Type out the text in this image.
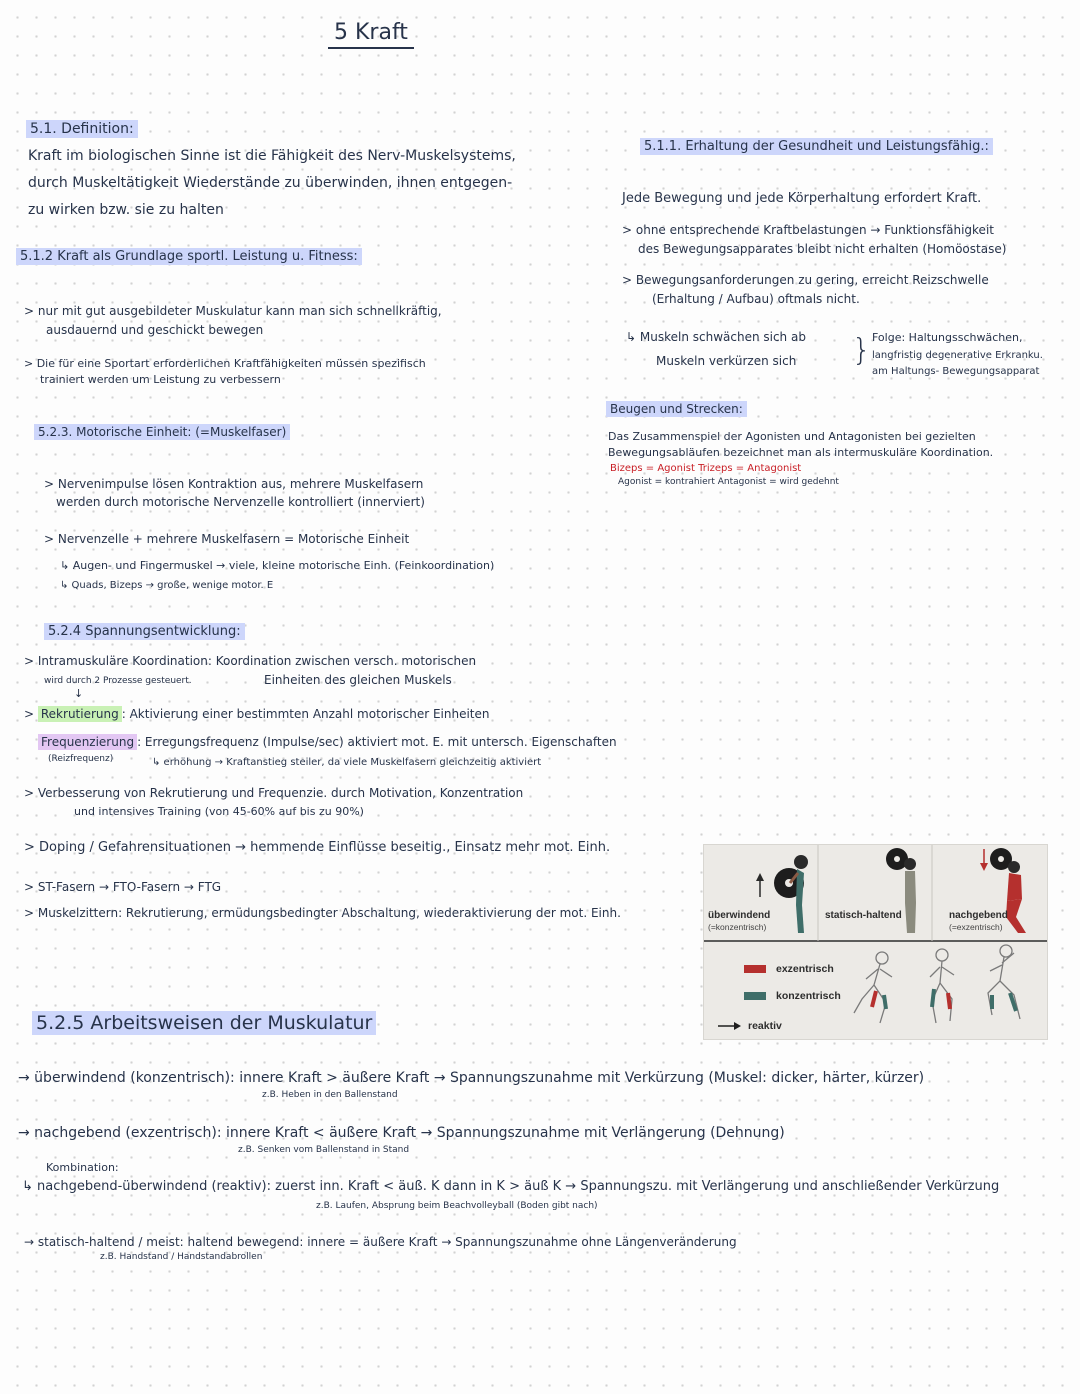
5 Kraft
5.1. Definition:
Kraft im biologischen Sinne ist die Fähigkeit des Nerv-Muskelsystems,
durch Muskeltätigkeit Wiederstände zu überwinden, ihnen entgegen-
zu wirken bzw. sie zu halten
5.1.1. Erhaltung der Gesundheit und Leistungsfähig.:
Jede Bewegung und jede Körperhaltung erfordert Kraft.
> ohne entsprechende Kraftbelastungen → Funktionsfähigkeit
des Bewegungsapparates bleibt nicht erhalten (Homöostase)
> Bewegungsanforderungen zu gering, erreicht Reizschwelle
(Erhaltung / Aufbau) oftmals nicht.
↳ Muskeln schwächen sich ab
Muskeln verkürzen sich } Folge: Haltungsschwächen,
langfristig degenerative Erkranku.
am Haltungs- Bewegungsapparat
Beugen und Strecken:
Das Zusammenspiel der Agonisten und Antagonisten bei gezielten
Bewegungsabläufen bezeichnet man als intermuskuläre Koordination.
Bizeps = Agonist Trizeps = Antagonist
Agonist = kontrahiert Antagonist = wird gedehnt
5.1.2 Kraft als Grundlage sportl. Leistung u. Fitness:
> nur mit gut ausgebildeter Muskulatur kann man sich schnellkräftig,
ausdauernd und geschickt bewegen
> Die für eine Sportart erforderlichen Kraftfähigkeiten müssen spezifisch
trainiert werden um Leistung zu verbessern
5.2.3. Motorische Einheit: (=Muskelfaser)
> Nervenimpulse lösen Kontraktion aus, mehrere Muskelfasern
werden durch motorische Nervenzelle kontrolliert (innerviert)
> Nervenzelle + mehrere Muskelfasern = Motorische Einheit
↳ Augen- und Fingermuskel → viele, kleine motorische Einh. (Feinkoordination)
↳ Quads, Bizeps → große, wenige motor. E
5.2.4 Spannungsentwicklung:
> Intramuskuläre Koordination: Koordination zwischen versch. motorischen
wird durch 2 Prozesse gesteuert.	Einheiten des gleichen Muskels
↓
> Rekrutierung : Aktivierung einer bestimmten Anzahl motorischer Einheiten
Frequenzierung : Erregungsfrequenz (Impulse/sec) aktiviert mot. E. mit untersch. Eigenschaften
(Reizfrequenz)	↳ erhöhung → Kraftanstieg steiler, da viele Muskelfasern gleichzeitig aktiviert
> Verbesserung von Rekrutierung und Frequenzie. durch Motivation, Konzentration
und intensives Training (von 45-60% auf bis zu 90%)
> Doping / Gefahrensituationen → hemmende Einflüsse beseitig., Einsatz mehr mot. Einh.
> ST-Fasern → FTO-Fasern → FTG
> Muskelzittern: Rekrutierung, ermüdungsbedingter Abschaltung, wiederaktivierung der mot. Einh.	überwindend
(=konzentrisch)
statisch-haltend	nachgebend
(=exzentrisch)
exzentrisch
konzentrisch
reaktiv
5.2.5 Arbeitsweisen der Muskulatur
→ überwindend (konzentrisch): innere Kraft > äußere Kraft → Spannungszunahme mit Verkürzung (Muskel: dicker, härter, kürzer)
z.B. Heben in den Ballenstand
→ nachgebend (exzentrisch): innere Kraft < äußere Kraft → Spannungszunahme mit Verlängerung (Dehnung)
z.B. Senken vom Ballenstand in Stand
Kombination:
↳ nachgebend-überwindend (reaktiv): zuerst inn. Kraft < äuß. K dann in K > äuß K → Spannungszu. mit Verlängerung und anschließender Verkürzung
z.B. Laufen, Absprung beim Beachvolleyball (Boden gibt nach)
→ statisch-haltend / meist: haltend bewegend: innere = äußere Kraft → Spannungszunahme ohne Längenveränderung
z.B. Handstand / Handstandabrollen
